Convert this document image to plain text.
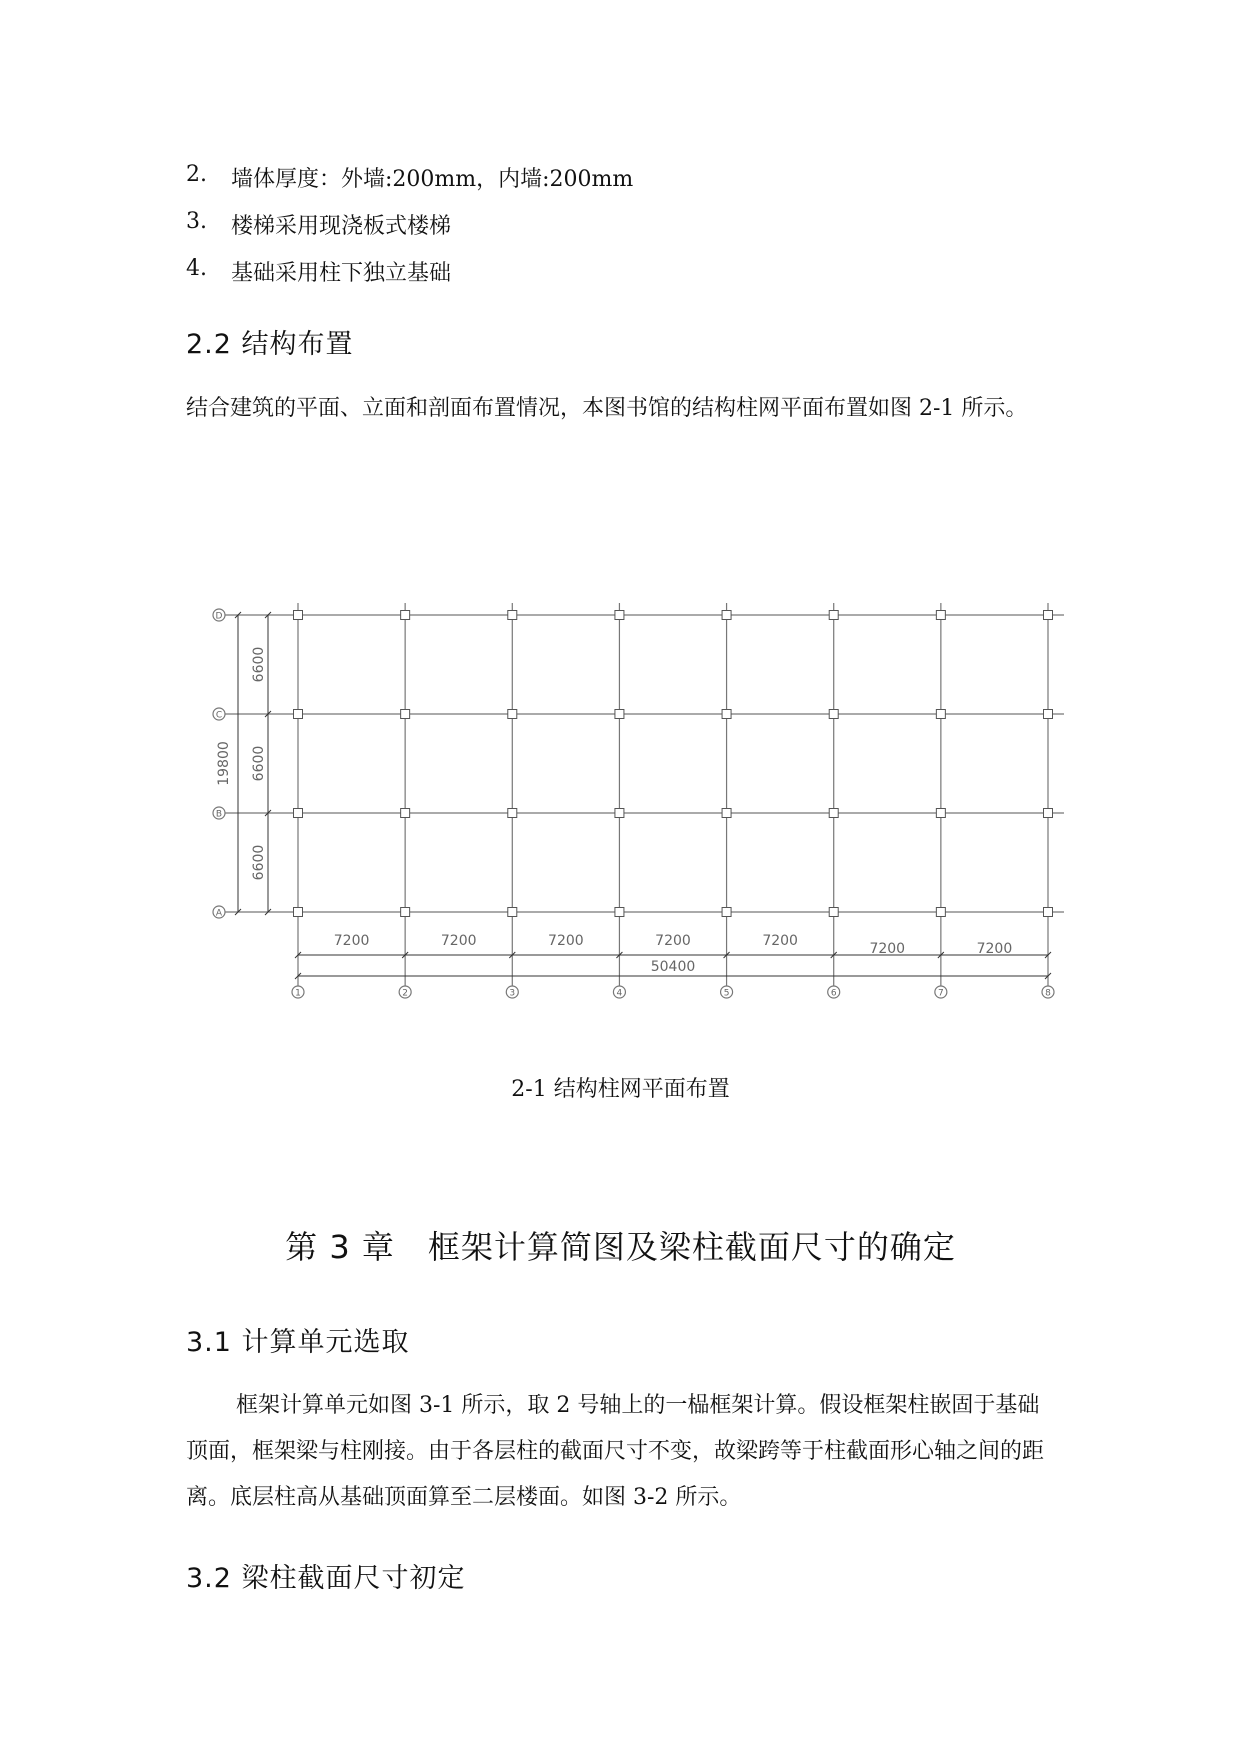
2. 墙体厚度：外墙:200mm，内墙:200mm
3. 楼梯采用现浇板式楼梯
4. 基础采用柱下独立基础
2.2 结构布置
结合建筑的平面、立面和剖面布置情况，本图书馆的结构柱网平面布置如图 2-1 所示。
D
C
B
A
1	2	3	4	5	6	7	8
6600
6600
6600
19800
7200	7200	7200	7200	7200	7200	7200
50400
2-1 结构柱网平面布置
第 3 章　框架计算简图及梁柱截面尺寸的确定
3.1 计算单元选取
框架计算单元如图 3-1 所示，取 2 号轴上的一榀框架计算。假设框架柱嵌固于基础顶面，框架梁与柱刚接。由于各层柱的截面尺寸不变，故梁跨等于柱截面形心轴之间的距离。底层柱高从基础顶面算至二层楼面。如图 3-2 所示。
3.2 梁柱截面尺寸初定
